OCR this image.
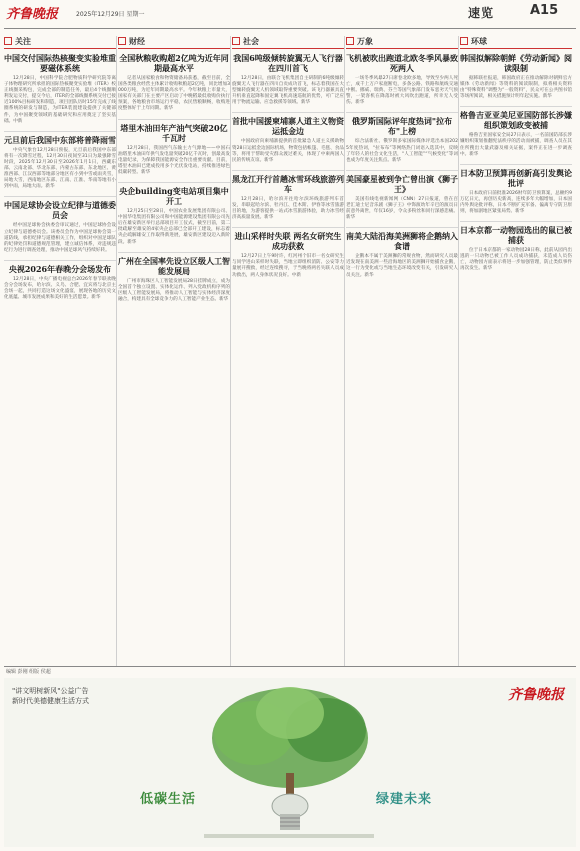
齐鲁晚报	2025年12月29日 星期一	速览	A15
关注
中国交付国际热核聚变实验堆重要磁体系统
12月28日，中国科学院合肥物质科学研究院等离子体物理研究所承担的国际热核聚变实验堆（ITER）校正线圈采购包，完成全部的制造任务，最后4个线圈顺利发运交付，提交今后，ITER的全部线圈系统交付已接近100%目标研发和制造，项目团队历时15年完成了线圈系统的研发与制造，为ITER装置建设提供了关键部件，为中国聚变领域的基础研究和应用奠定了坚实基础。中新
元旦前后我国中东部将普降雨雪
中央气象台12月28日预报，元旦前后我国中东部将有一次降雪过程，12月30日夜间至31日为最强降雪时段，2025年12月30日至2026年1月1日，西藏东部、云南北部、华北东部、内蒙古东部、东北地区、黄淮西部、江汉西部等地部分地区有小到中雪或雨夹雪，局地大雪，西南地区东部、江南、江淮、华南等地有小到中雨，局地大雨。新华
中国足球协会设立纪律与道德委员会
经中国足球协会执委会审议通过，中国足球协会设立纪律与道德委员会。该委员会作为中国足球协会第一道防线，承担纪律与道德相关工作，组织对中国足球队的纪律处罚和道德规范管理，建立诚信体系，对违规违纪行为进行调查处理，推动中国足球风气持续好转。
央视2026年春晚分会场发布
12月28日，中央广播电视总台2026年春节联欢晚会分会场发布，哈尔滨、义乌、合肥、宜宾将与北京主会场一起，共同打造这场文化盛宴，展现各地的历史文化底蕴、城市发展成果和美好的生活愿景。新华
财经
全国秋粮收购超2亿吨为近年同期最高水平
记者从国家粮食和物资储备局获悉，截至目前，全国各类粮食经营主体累计收购秋粮超2亿吨，同比增加3000万吨，为近年同期最高水平。今年秋粮上市量大，国家有关部门在主要产区启动了中晚稻最低收购价执行预案，各地粮食市场运行平稳，农民售粮顺畅，收购进度整体好于上年同期。新华
塔里木油田年产油气突破20亿千瓦时
12月28日，我国西气东输主力气源地——中国石油塔里木油田年供气发电量突破20亿千瓦时，创最高发电量纪录，为保障我国能源安全作出重要贡献。目前，塔里木油田已建成投用多个光伏发电站，持续推进绿色低碳转型。新华
央企building变电站项目集中开工
12月25日至28日，中国农业发展集团有限公司、中国华电集团有限公司和中国能源建设集团有限公司先后在雄安新区举行总部项目开工仪式，截至目前，第二批疏解至雄安的4家央企总部已全部开工建设，标志着央企疏解雄安工作取得新进展，雄安新区建设迈入新阶段。新华
广州在全国率先设立区级人工智能发展局
广州市海珠区人工智能发展局28日挂牌成立，成为全国首个独立设置、实体化运作、列入党政机构序列的区级人工智能发展局，将推动人工智能与实体经济深度融合，构建具有全球竞争力的人工智能产业生态。新华
社会
我国6吨级倾转旋翼无人飞行器在四川首飞
12月28日，由联合飞机集团自主研制的6吨级倾转旋翼无人飞行器在四川自贡成功首飞，标志着我国在大型倾转旋翼无人机领域取得重要突破。该飞行器兼具直升机垂直起降和固定翼飞机高速巡航的优势，可广泛应用于物流运输、应急救援等领域。新华
首批中国援柬埔寨人道主义物资运抵金边
中国政府向柬埔寨提供的首批紧急人道主义援助物资28日运抵金边国际机场，物资包括帐篷、毛毯、食品等，将用于帮助受灾群众渡过难关，体现了中柬两国人民的传统友谊。新华
黑龙江开行首趟冰雪环线旅游列车
12月28日，哈尔滨开往哈尔滨环线旅游列车首发，串联起哈尔滨、牡丹江、佳木斯、伊春等冰雪旅游目的地，为游客提供一站式冰雪旅游体验，助力冰雪经济高质量发展。新华
进山采样时失联 两名女研究生成功获救
12月27日上午9时许，红河州个旧市一名女研究生与同学进山采样时失联，当地立即组织消防、公安等力量展开搜救，经过连续搜寻，于当晚将两名失联人员成功救出，两人身体状况良好。中新
万象
飞机被吹出跑道北欧冬季风暴致死两人
一场冬季风暴27日席卷北欧多地，导致至少两人死亡，成千上万户家庭断电，多条公路、铁路和航线交通中断。挪威、瑞典、芬兰等国气象部门发布恶劣天气预警，一架客机在降落时被大风吹出跑道，所幸无人受伤。新华
俄罗斯国际评年度热词"拉布布"上榜
综合法新社、俄罗斯多家国际媒体评选出本国2025年度热词，“拉布布”等网络热门词语入选其中，反映了年轻人的社会文化生活，“人工智能”“气候变化”等词也成为年度关注焦点。新华
美国豪星被到争亡曾出演《狮子王》
美国有线电视新闻网（CNN）27日报道，曾在百老汇迪士尼音乐剧《狮子王》中饰演幼年辛巴的演员日前意外离世，年仅16岁，令众多粉丝和同行深感悲痛。新华
南美大陆沿海美洲狮将企鹅纳入食谱
企鹅本不属于美洲狮的常规食物，然而研究人员最近发现在南美洲一些沿海地区的美洲狮开始捕食企鹅，这一行为变化或与当地生态环境改变有关，引发研究人员关注。新华
环球
韩国拟解除朝鲜《劳动新闻》阅读限制
据韩联社报道，韩国政府正在推动解除对朝鲜官方媒体《劳动新闻》等资料的阅读限制，拟将相关资料由“特殊资料”调整为“一般资料”，民众可在公共图书馆等场所阅读，相关措施预计明年起实施。新华
格鲁吉亚亚美尼亚国防部长涉嫌组织策划政变被捕
格鲁吉亚国家安全局27日表示，一名前国防部长涉嫌组织策划推翻宪法秩序的活动而被捕，调查人员在其住所搜出大量武器及相关证据，案件正在进一步调查中。新华
日本防卫预算再创新高引发舆论批评
日本政府日前批准2026财年防卫预算案，总额约9万亿日元，再创历史新高，连续多年大幅增加，日本国内外舆论批评称，日本不断扩充军备、偏离专守防卫原则，将加剧地区紧张局势。新华
日本京都一动物园选出的鼠已被捕获
位于日本京都的一家动物园28日称，此前从园内出逃的一只动物已被工作人员成功捕获，未造成人员伤亡，动物园方面表示将进一步加强管理，防止类似事件再次发生。新华
编辑 彭刚 组版 侯超
"讲文明树新风"公益广告
新时代美德健康生活方式	齐鲁晚报
低碳生活	绿建未来
